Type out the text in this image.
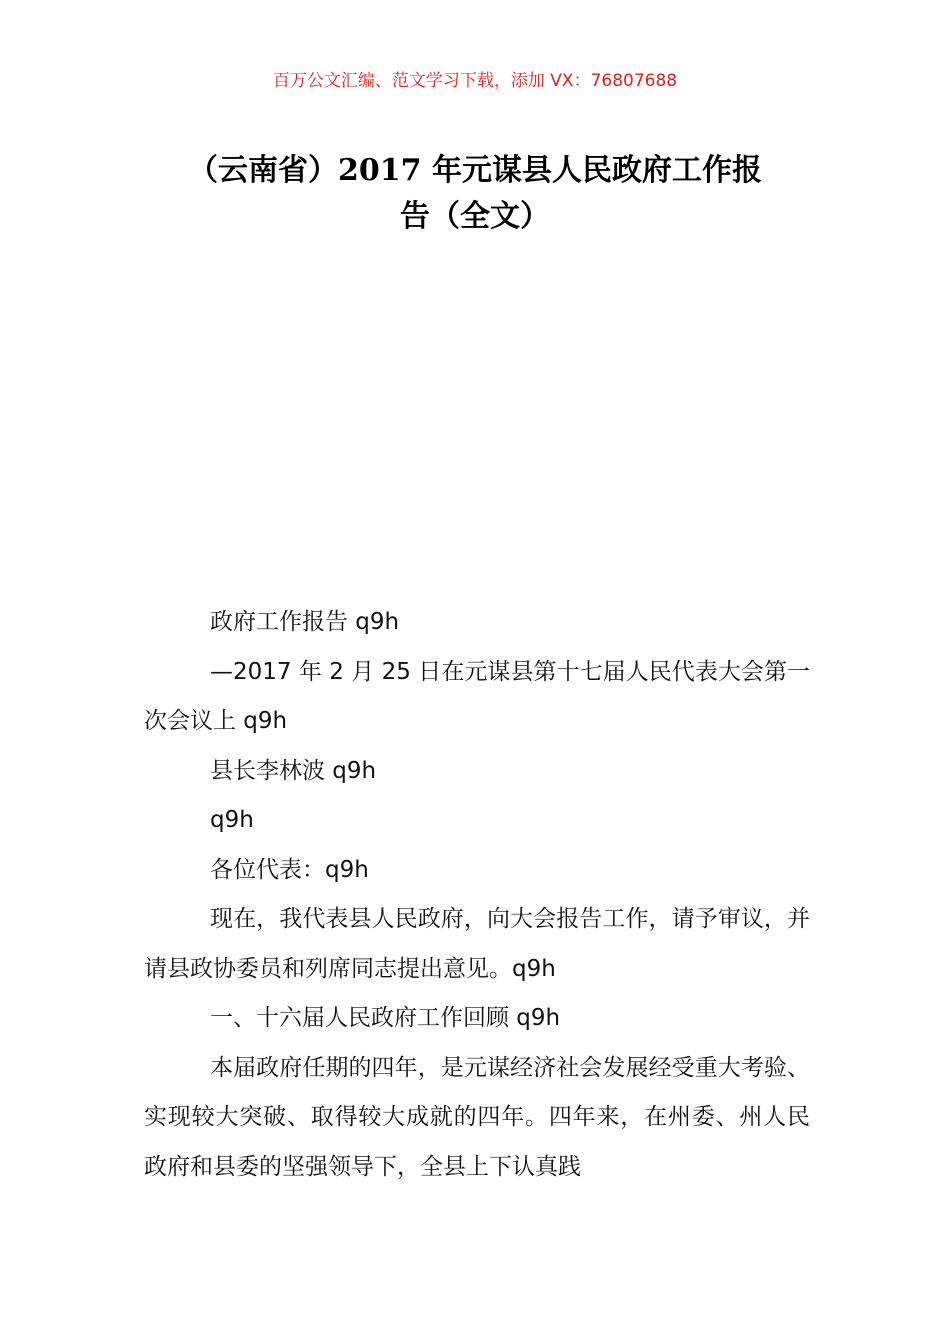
百万公文汇编、范文学习下载，添加 VX：76807688
（云南省）2017 年元谋县人民政府工作报
告（全文）

政府工作报告 q9h

—2017 年 2 月 25 日在元谋县第十七届人民代表大会第一次会议上 q9h

县长李林波 q9h

q9h

各位代表：q9h

现在，我代表县人民政府，向大会报告工作，请予审议，并请县政协委员和列席同志提出意见。q9h

一、十六届人民政府工作回顾 q9h

本届政府任期的四年，是元谋经济社会发展经受重大考验、实现较大突破、取得较大成就的四年。四年来，在州委、州人民政府和县委的坚强领导下，全县上下认真践
